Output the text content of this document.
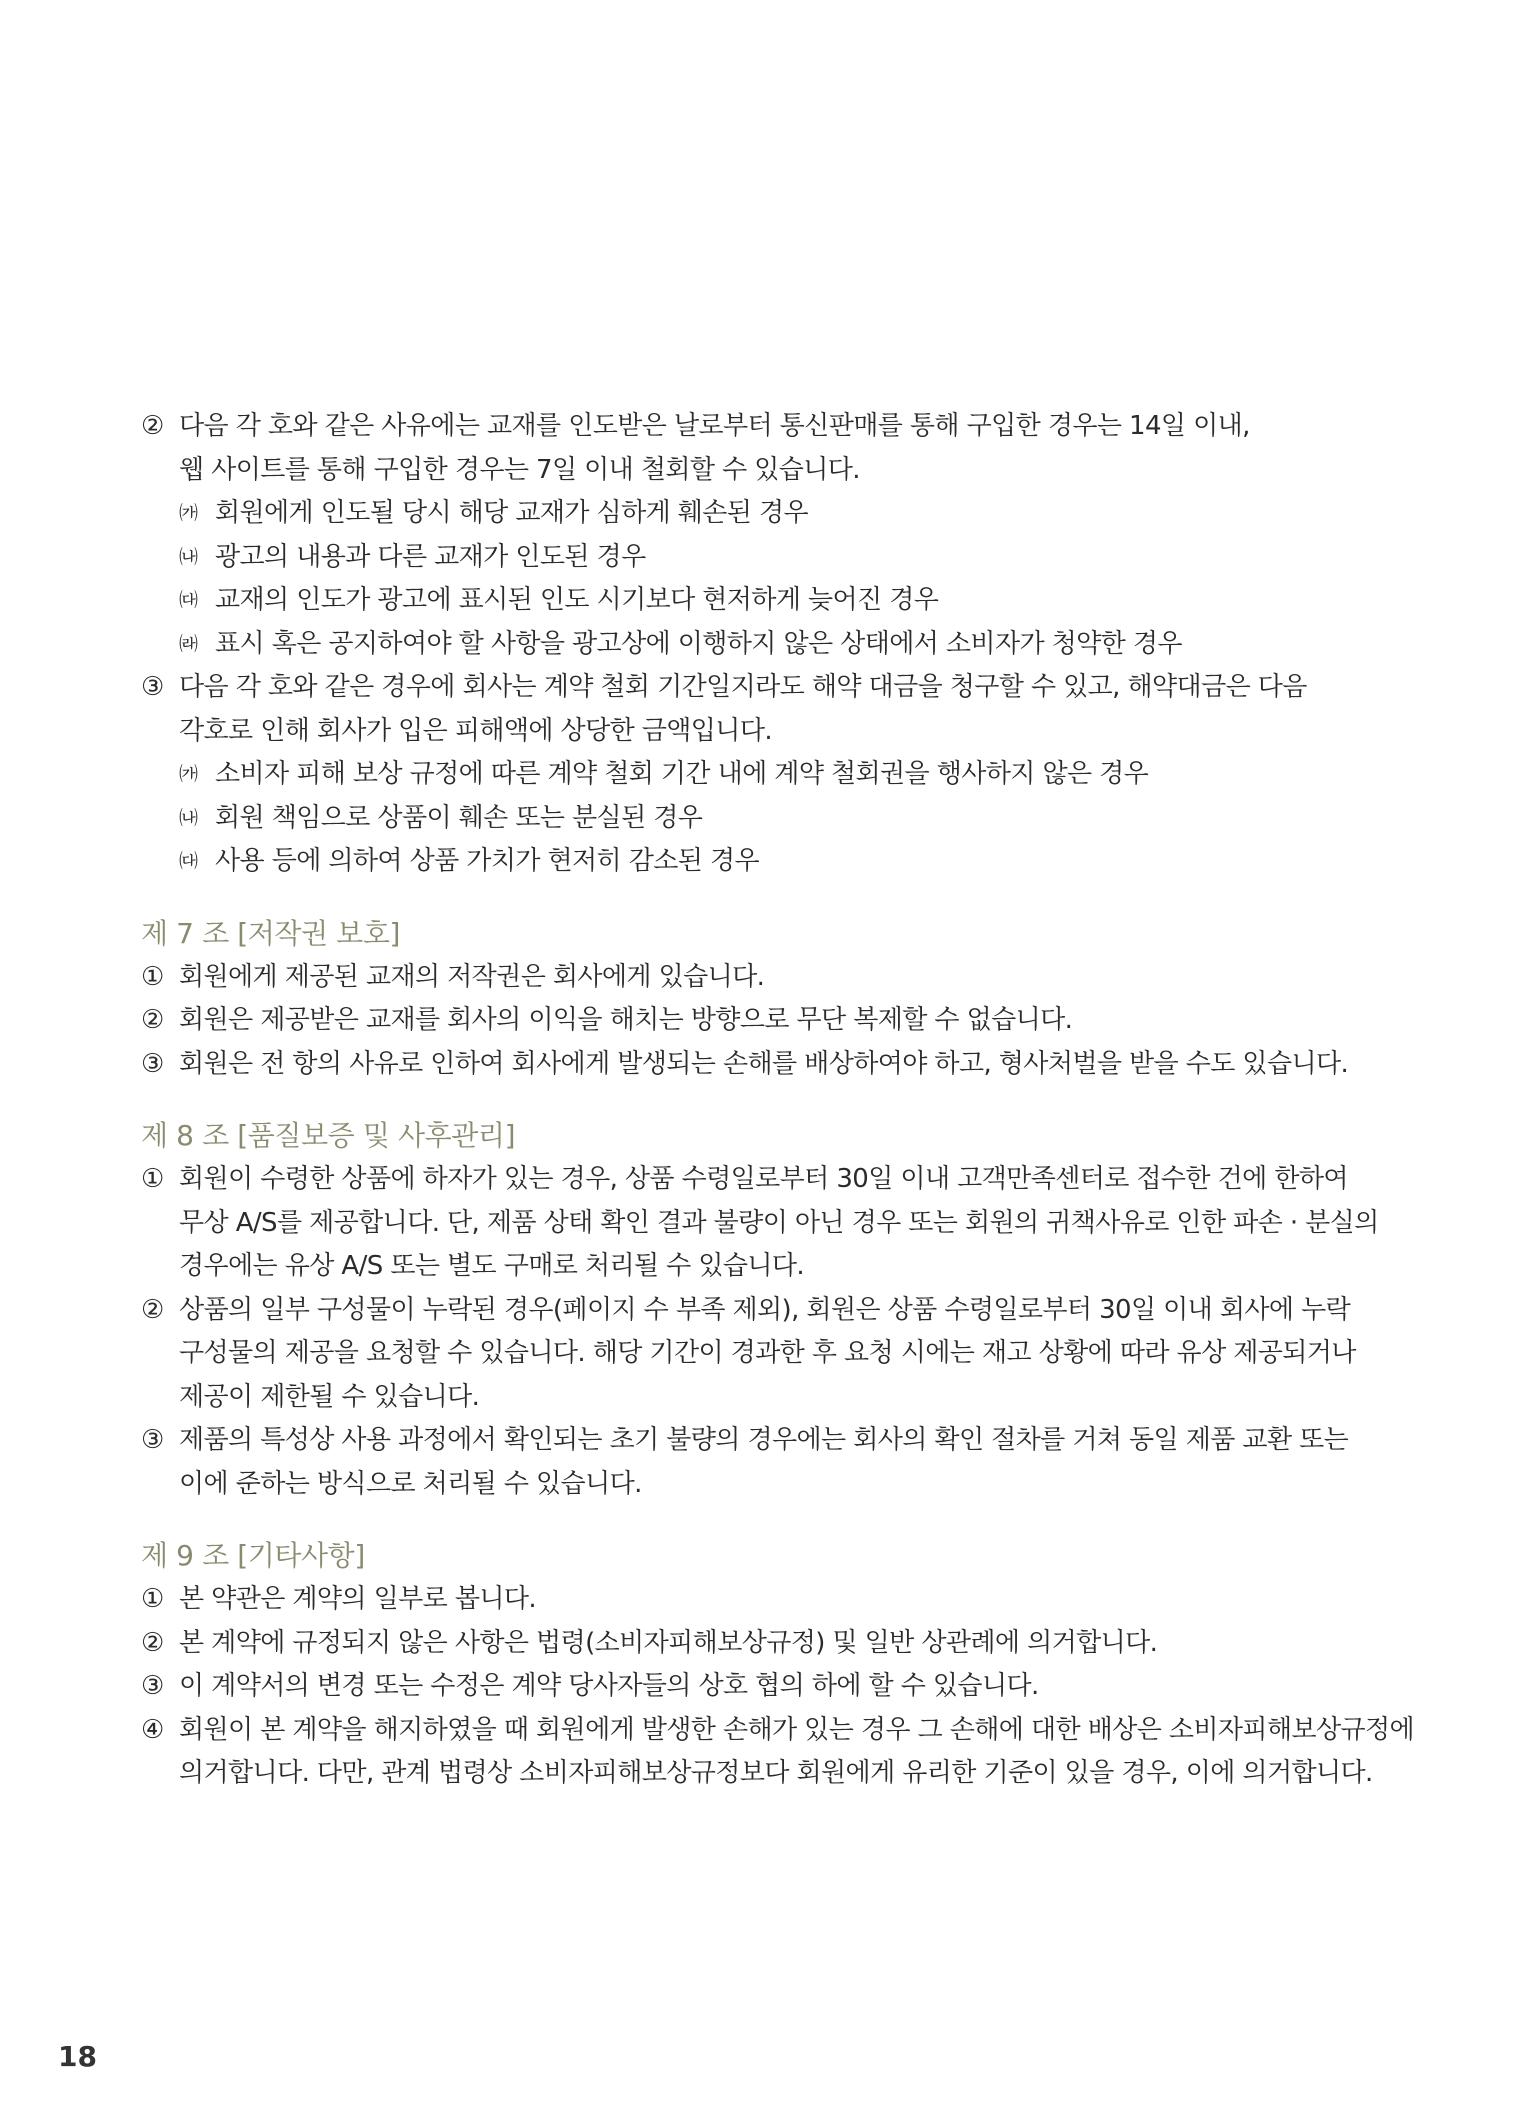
② 다음 각 호와 같은 사유에는 교재를 인도받은 날로부터 통신판매를 통해 구입한 경우는 14일 이내,
웹 사이트를 통해 구입한 경우는 7일 이내 철회할 수 있습니다.
㈎ 회원에게 인도될 당시 해당 교재가 심하게 훼손된 경우
㈏ 광고의 내용과 다른 교재가 인도된 경우
㈐ 교재의 인도가 광고에 표시된 인도 시기보다 현저하게 늦어진 경우
㈑ 표시 혹은 공지하여야 할 사항을 광고상에 이행하지 않은 상태에서 소비자가 청약한 경우
③ 다음 각 호와 같은 경우에 회사는 계약 철회 기간일지라도 해약 대금을 청구할 수 있고, 해약대금은 다음
각호로 인해 회사가 입은 피해액에 상당한 금액입니다.
㈎ 소비자 피해 보상 규정에 따른 계약 철회 기간 내에 계약 철회권을 행사하지 않은 경우
㈏ 회원 책임으로 상품이 훼손 또는 분실된 경우
㈐ 사용 등에 의하여 상품 가치가 현저히 감소된 경우
제 7 조 [저작권 보호]
① 회원에게 제공된 교재의 저작권은 회사에게 있습니다.
② 회원은 제공받은 교재를 회사의 이익을 해치는 방향으로 무단 복제할 수 없습니다.
③ 회원은 전 항의 사유로 인하여 회사에게 발생되는 손해를 배상하여야 하고, 형사처벌을 받을 수도 있습니다.
제 8 조 [품질보증 및 사후관리]
① 회원이 수령한 상품에 하자가 있는 경우, 상품 수령일로부터 30일 이내 고객만족센터로 접수한 건에 한하여
무상 A/S를 제공합니다. 단, 제품 상태 확인 결과 불량이 아닌 경우 또는 회원의 귀책사유로 인한 파손 · 분실의
경우에는 유상 A/S 또는 별도 구매로 처리될 수 있습니다.
② 상품의 일부 구성물이 누락된 경우(페이지 수 부족 제외), 회원은 상품 수령일로부터 30일 이내 회사에 누락
구성물의 제공을 요청할 수 있습니다. 해당 기간이 경과한 후 요청 시에는 재고 상황에 따라 유상 제공되거나
제공이 제한될 수 있습니다.
③ 제품의 특성상 사용 과정에서 확인되는 초기 불량의 경우에는 회사의 확인 절차를 거쳐 동일 제품 교환 또는
이에 준하는 방식으로 처리될 수 있습니다.
제 9 조 [기타사항]
① 본 약관은 계약의 일부로 봅니다.
② 본 계약에 규정되지 않은 사항은 법령(소비자피해보상규정) 및 일반 상관례에 의거합니다.
③ 이 계약서의 변경 또는 수정은 계약 당사자들의 상호 협의 하에 할 수 있습니다.
④ 회원이 본 계약을 해지하였을 때 회원에게 발생한 손해가 있는 경우 그 손해에 대한 배상은 소비자피해보상규정에
의거합니다. 다만, 관계 법령상 소비자피해보상규정보다 회원에게 유리한 기준이 있을 경우, 이에 의거합니다.
18
